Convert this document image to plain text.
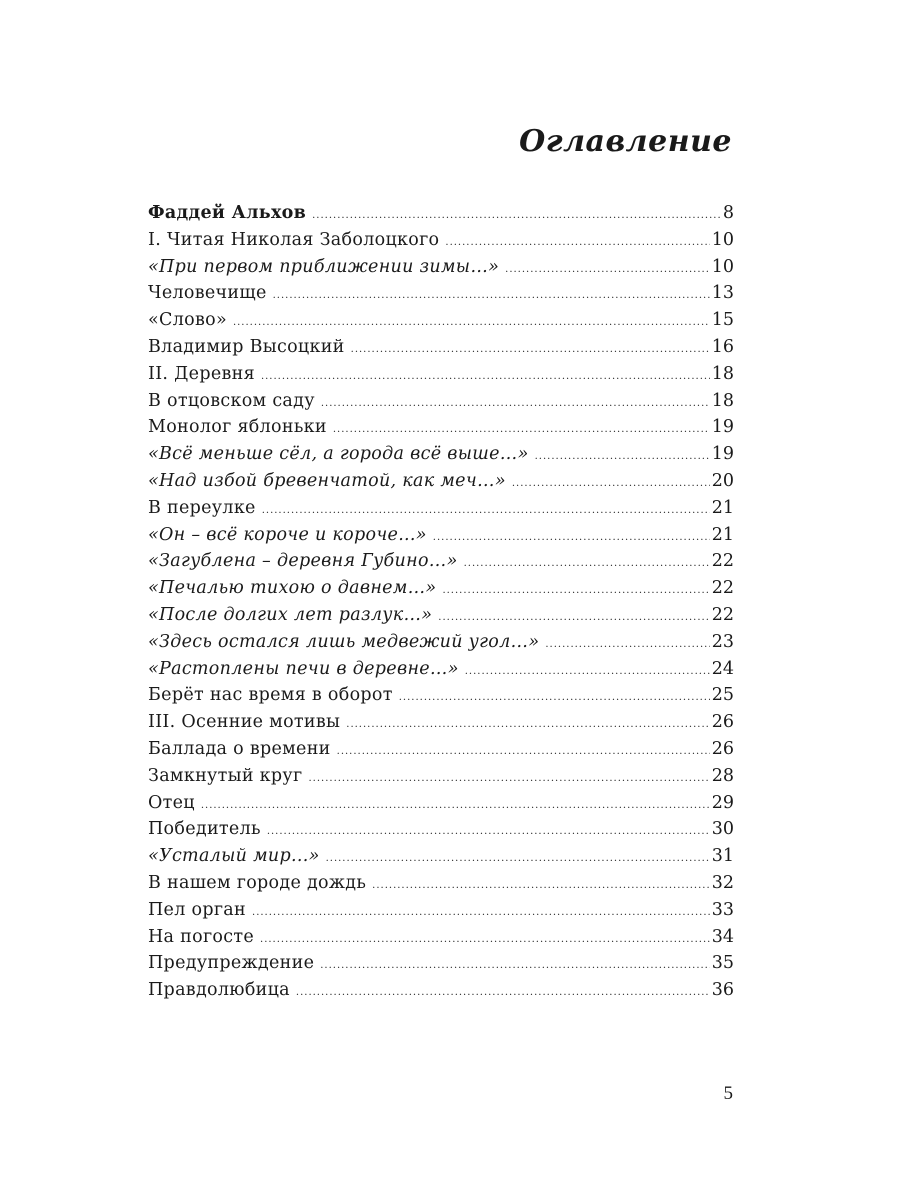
Оглавление
Фаддей Альхов .....	8
I. Читая Николая Заболоцкого .....	10
«При первом приближении зимы…» .....	10
Человечище .....	13
«Слово» .....	15
Владимир Высоцкий .....	16
II. Деревня .....	18
В отцовском саду .....	18
Монолог яблоньки .....	19
«Всё меньше сёл, а города всё выше…» .....	19
«Над избой бревенчатой, как меч…» .....	20
В переулке .....	21
«Он – всё короче и короче...» .....	21
«Загублена – деревня Губино…» .....	22
«Печалью тихою о давнем…» .....	22
«После долгих лет разлук…» .....	22
«Здесь остался лишь медвежий угол…» .....	23
«Растоплены печи в деревне…» .....	24
Берёт нас время в оборот .....	25
III. Осенние мотивы .....	26
Баллада о времени .....	26
Замкнутый круг .....	28
Отец .....	29
Победитель .....	30
«Усталый мир...» .....	31
В нашем городе дождь .....	32
Пел орган .....	33
На погосте .....	34
Предупреждение .....	35
Правдолюбица .....	36

5
